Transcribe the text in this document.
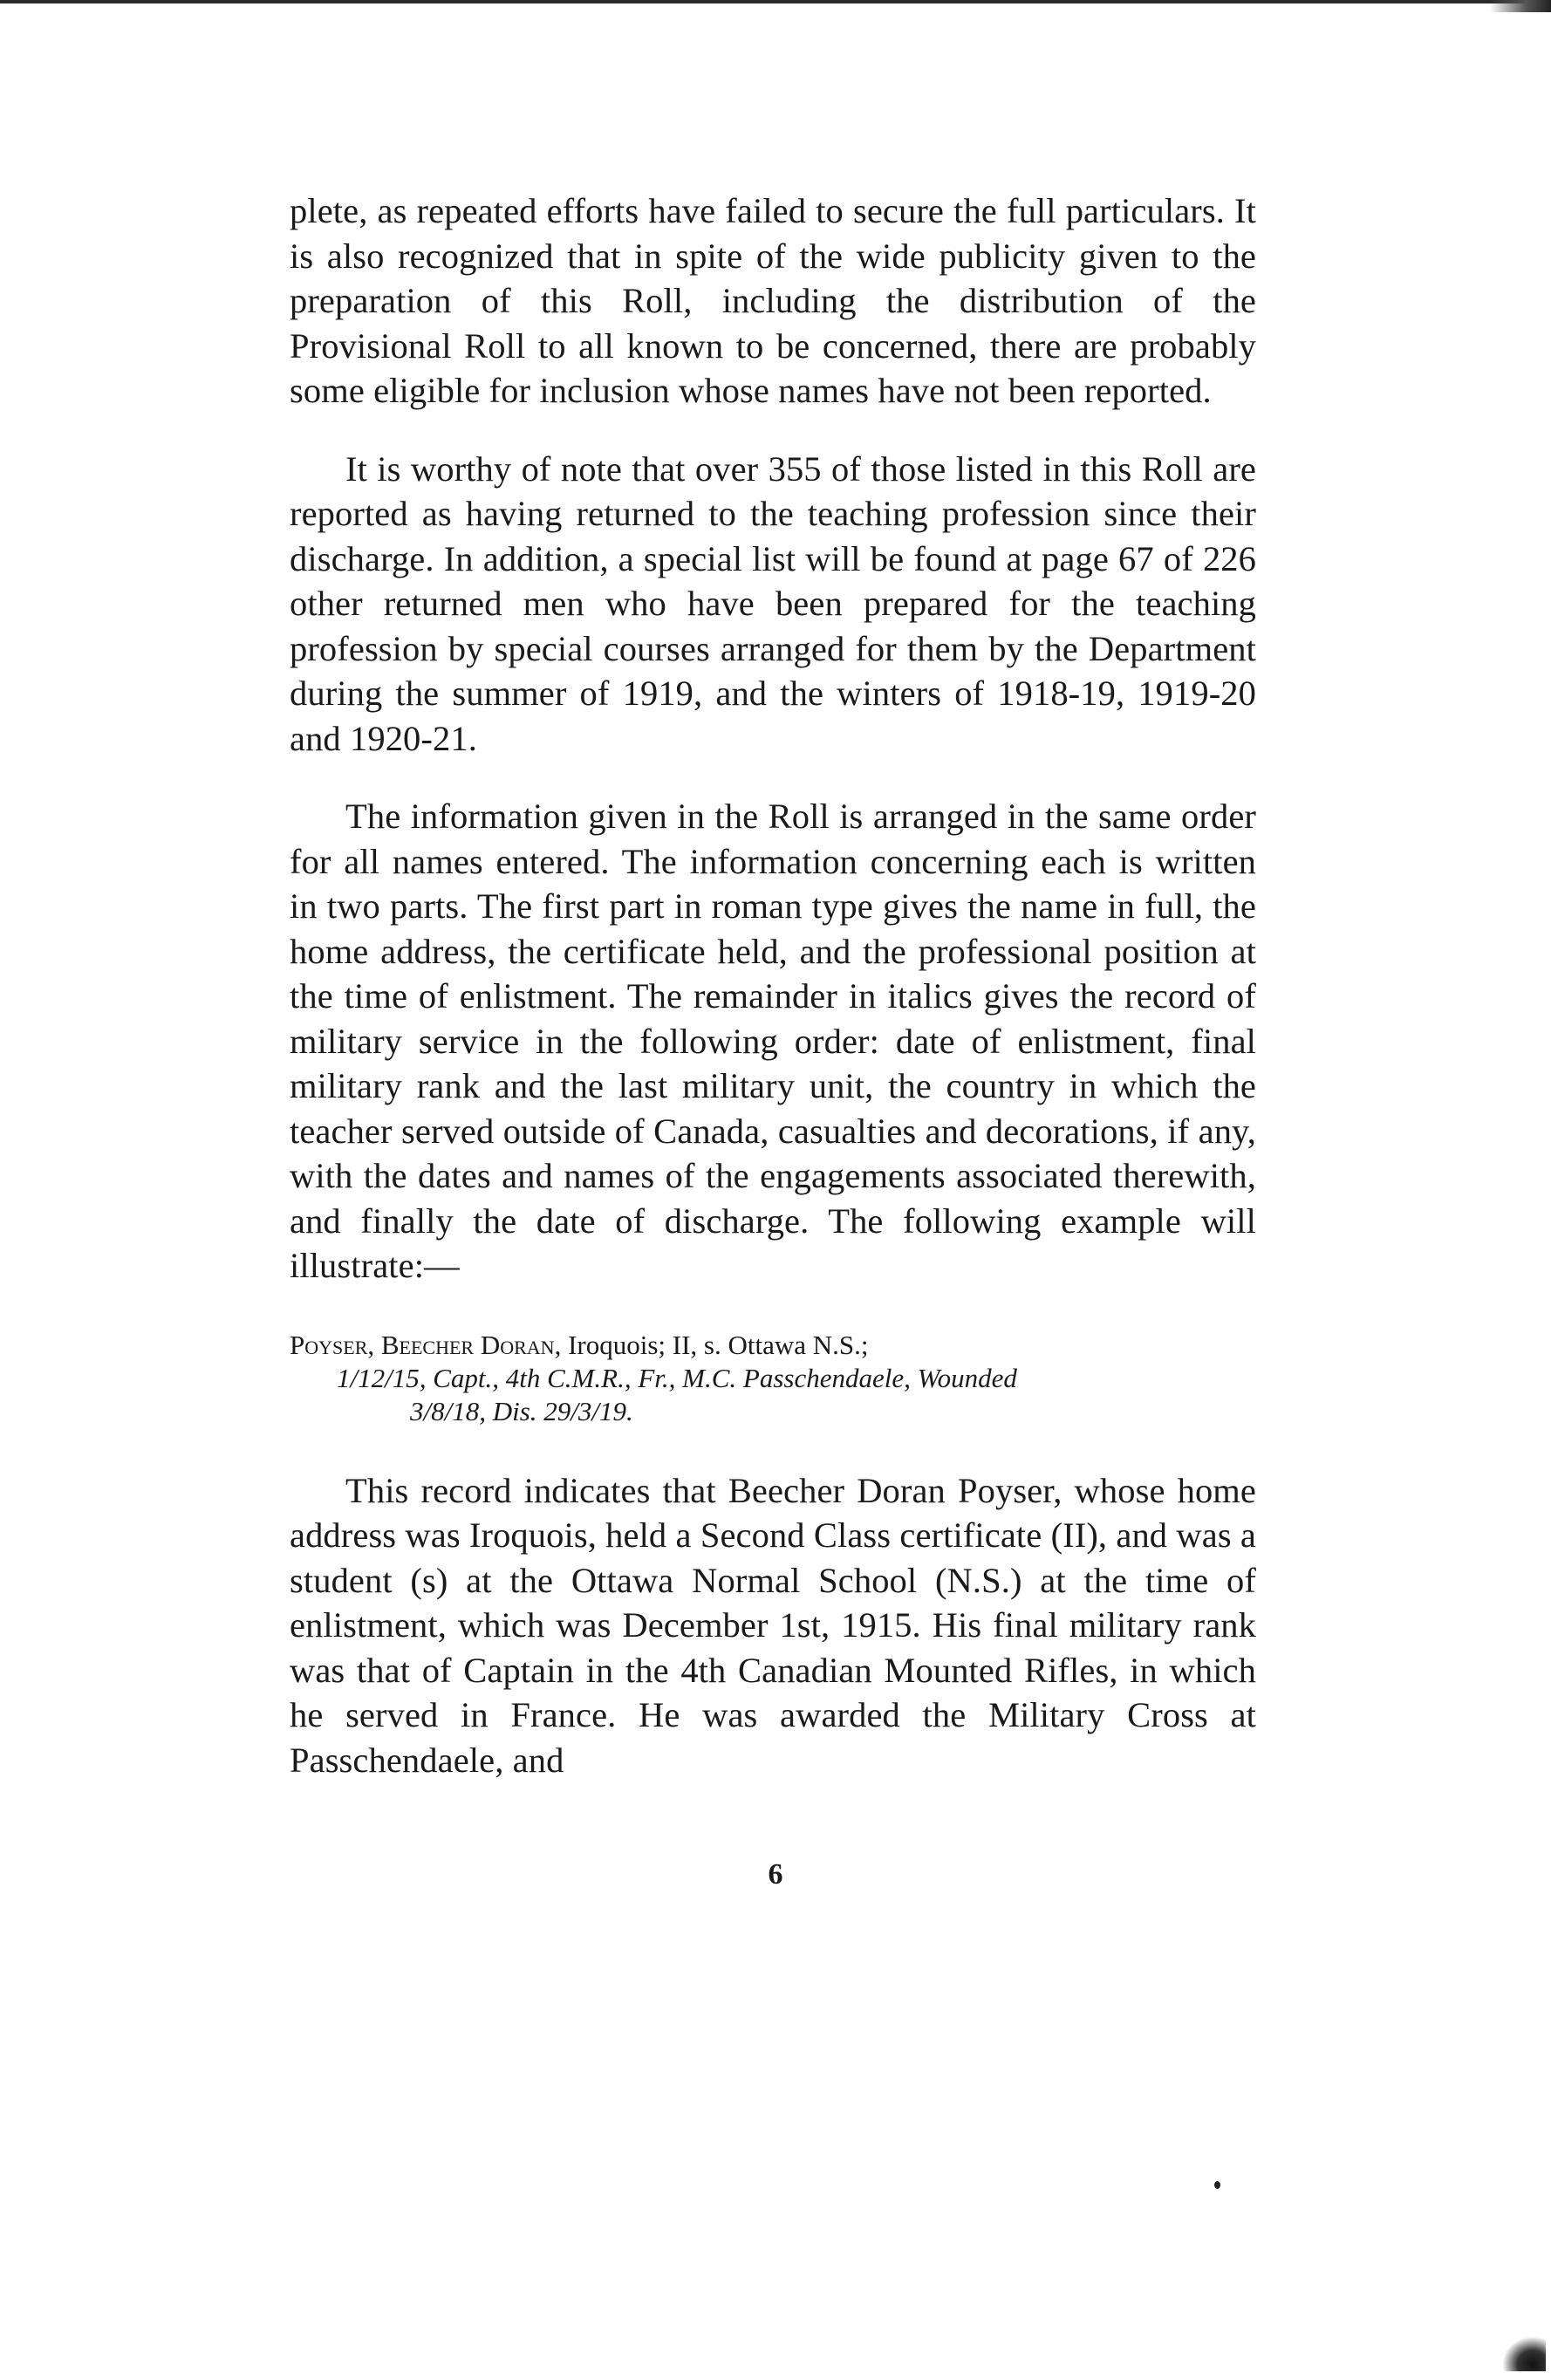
plete, as repeated efforts have failed to secure the full particulars. It is also recognized that in spite of the wide publicity given to the preparation of this Roll, including the distribution of the Provisional Roll to all known to be concerned, there are probably some eligible for inclusion whose names have not been reported.

It is worthy of note that over 355 of those listed in this Roll are reported as having returned to the teaching profession since their discharge. In addition, a special list will be found at page 67 of 226 other returned men who have been prepared for the teaching profession by special courses arranged for them by the Department during the summer of 1919, and the winters of 1918-19, 1919-20 and 1920-21.

The information given in the Roll is arranged in the same order for all names entered. The information concerning each is written in two parts. The first part in roman type gives the name in full, the home address, the certificate held, and the professional position at the time of enlistment. The remainder in italics gives the record of military service in the following order: date of enlistment, final military rank and the last military unit, the country in which the teacher served outside of Canada, casualties and decorations, if any, with the dates and names of the engagements associated therewith, and finally the date of discharge. The following example will illustrate:—

Poyser, Beecher Doran, Iroquois; II, s. Ottawa N.S.;
1/12/15, Capt., 4th C.M.R., Fr., M.C. Passchendaele, Wounded
3/8/18, Dis. 29/3/19.

This record indicates that Beecher Doran Poyser, whose home address was Iroquois, held a Second Class certificate (II), and was a student (s) at the Ottawa Normal School (N.S.) at the time of enlistment, which was December 1st, 1915. His final military rank was that of Captain in the 4th Canadian Mounted Rifles, in which he served in France. He was awarded the Military Cross at Passchendaele, and

6
